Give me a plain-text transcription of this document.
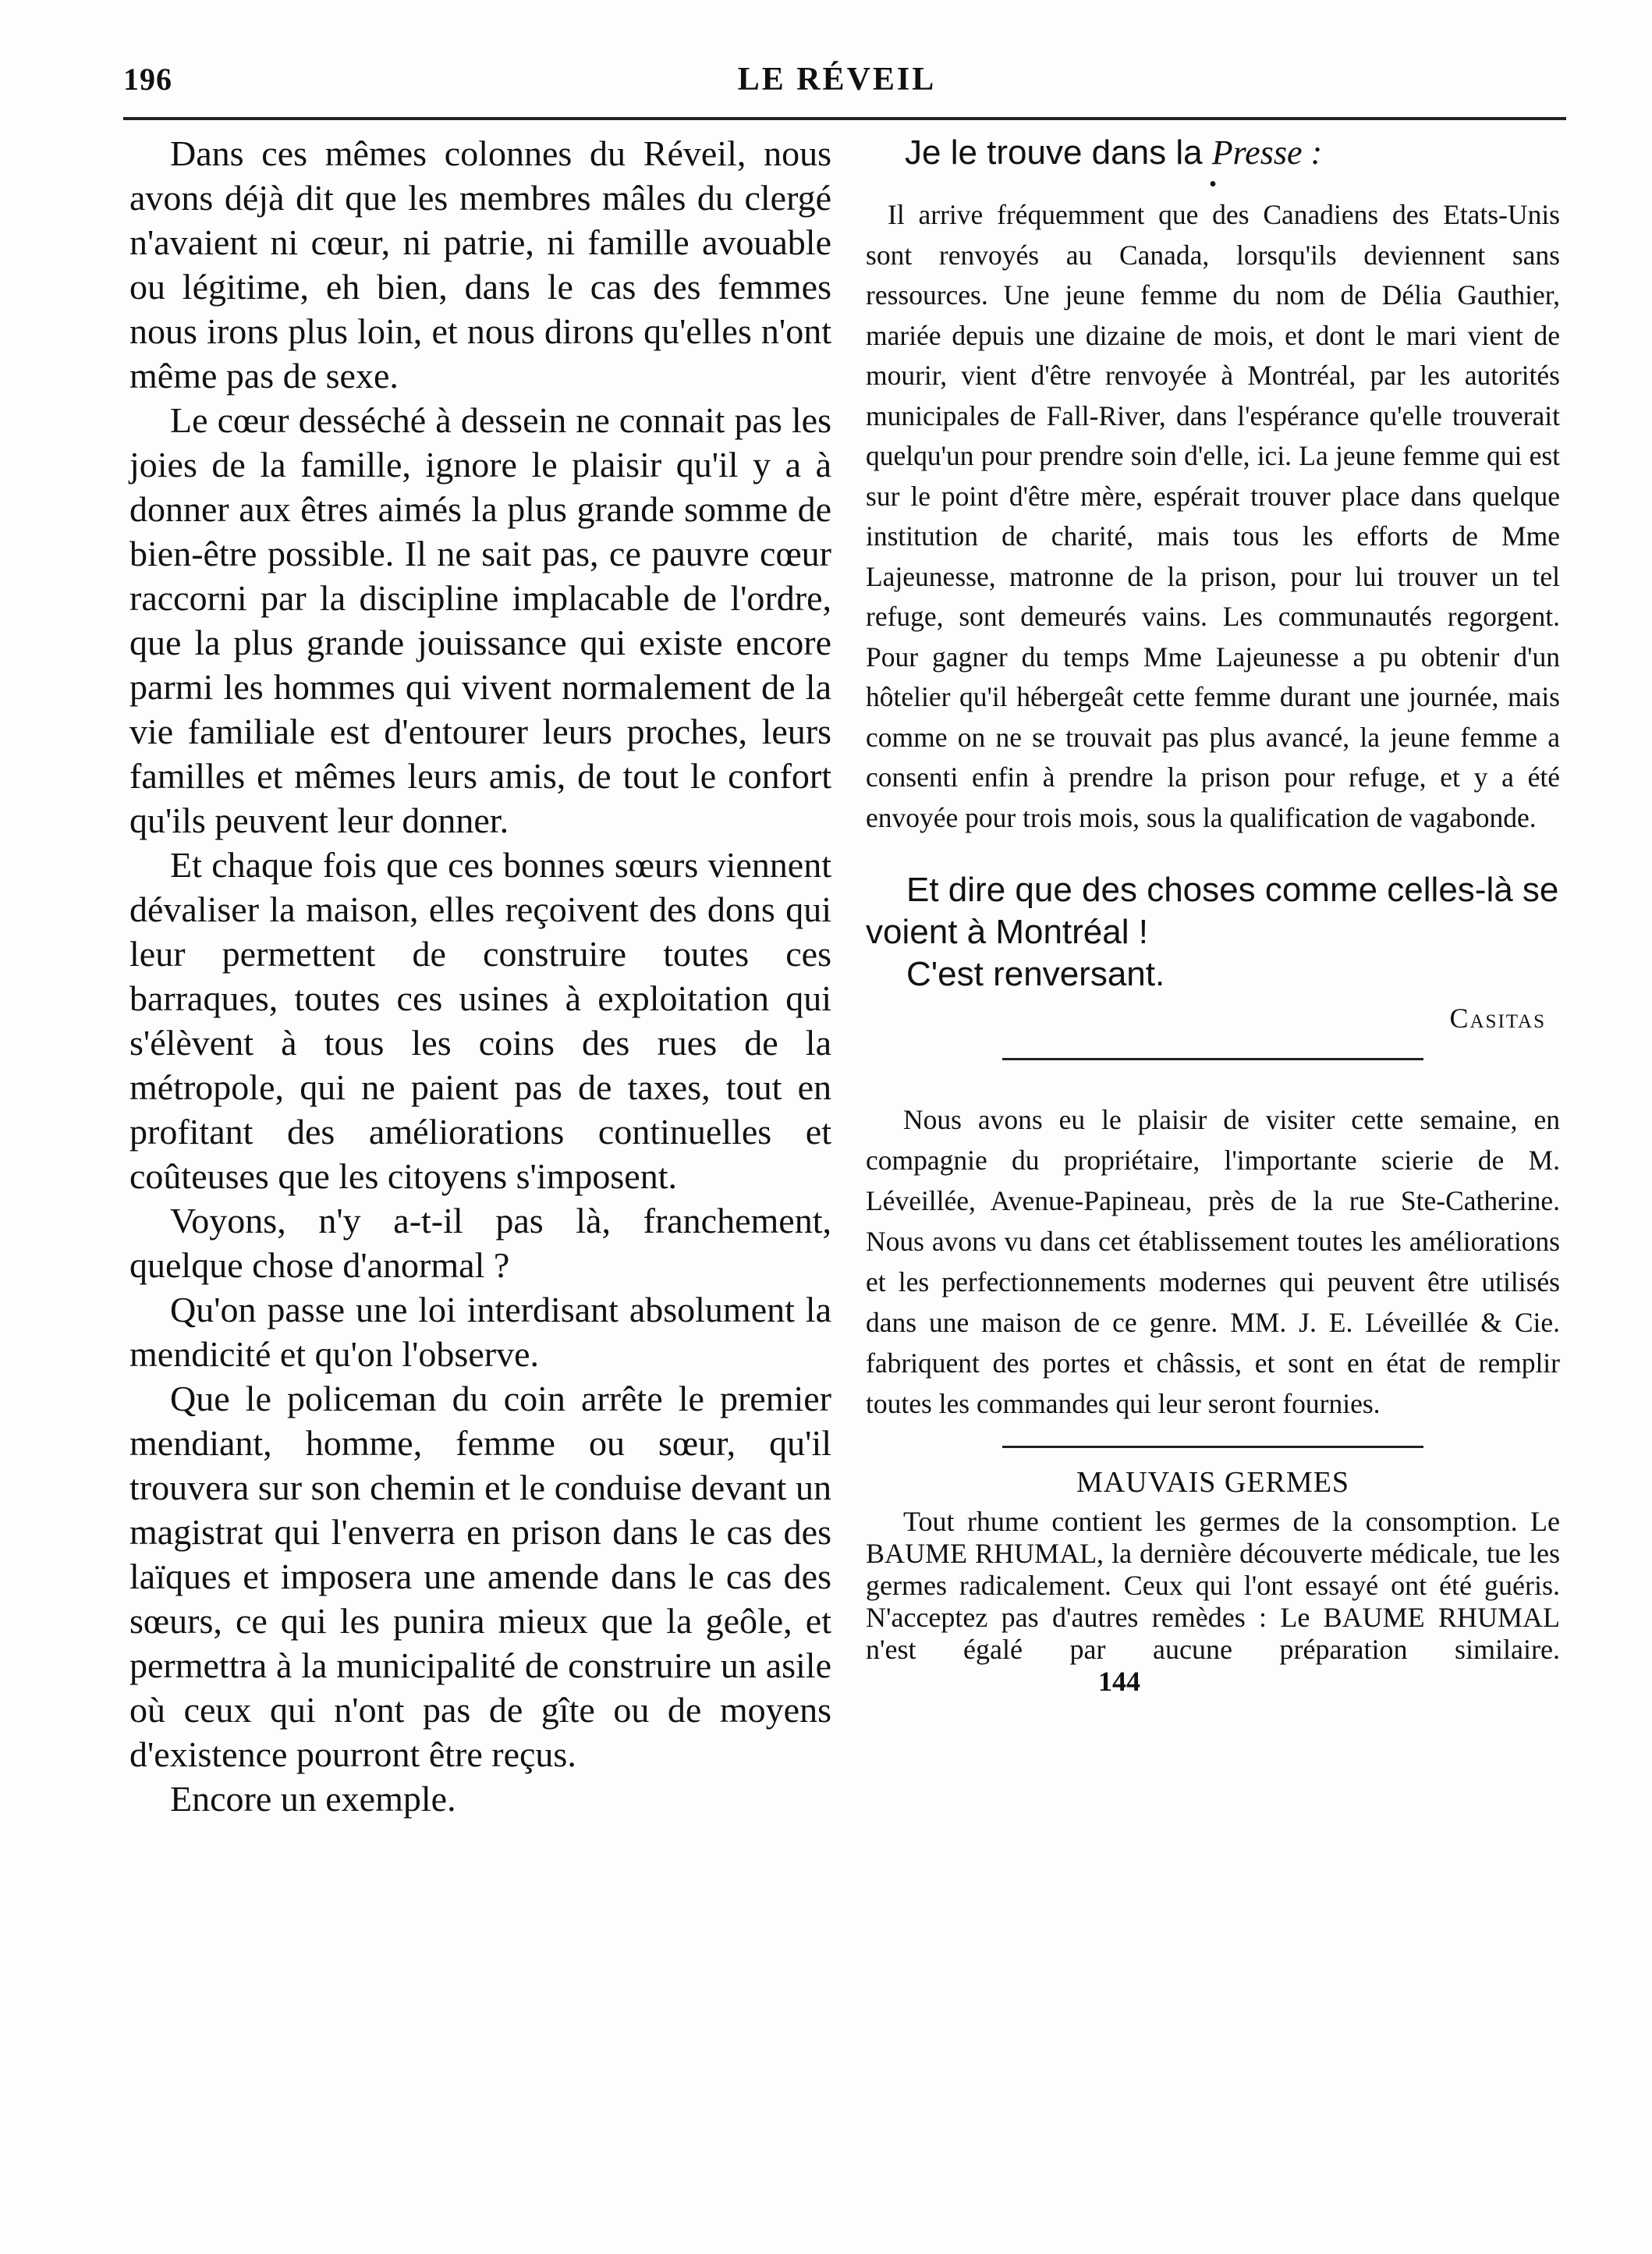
196	LE RÉVEIL

Dans ces mêmes colonnes du Réveil, nous avons déjà dit que les membres mâles du clergé n'avaient ni cœur, ni patrie, ni famille avouable ou légitime, eh bien, dans le cas des femmes nous irons plus loin, et nous dirons qu'elles n'ont même pas de sexe.

Le cœur desséché à dessein ne connait pas les joies de la famille, ignore le plaisir qu'il y a à donner aux êtres aimés la plus grande somme de bien-être possible. Il ne sait pas, ce pauvre cœur raccorni par la discipline implacable de l'ordre, que la plus grande jouissance qui existe encore parmi les hommes qui vivent normalement de la vie familiale est d'entourer leurs proches, leurs familles et mêmes leurs amis, de tout le confort qu'ils peuvent leur donner.

Et chaque fois que ces bonnes sœurs viennent dévaliser la maison, elles reçoivent des dons qui leur permettent de construire toutes ces barraques, toutes ces usines à exploitation qui s'élèvent à tous les coins des rues de la métropole, qui ne paient pas de taxes, tout en profitant des améliorations continuelles et coûteuses que les citoyens s'imposent.

Voyons, n'y a-t-il pas là, franchement, quelque chose d'anormal ?

Qu'on passe une loi interdisant absolument la mendicité et qu'on l'observe.

Que le policeman du coin arrête le premier mendiant, homme, femme ou sœur, qu'il trouvera sur son chemin et le conduise devant un magistrat qui l'enverra en prison dans le cas des laïques et imposera une amende dans le cas des sœurs, ce qui les punira mieux que la geôle, et permettra à la municipalité de construire un asile où ceux qui n'ont pas de gîte ou de moyens d'existence pourront être reçus.

Encore un exemple.

Je le trouve dans la Presse :

•

Il arrive fréquemment que des Canadiens des Etats-Unis sont renvoyés au Canada, lorsqu'ils deviennent sans ressources. Une jeune femme du nom de Délia Gauthier, mariée depuis une dizaine de mois, et dont le mari vient de mourir, vient d'être renvoyée à Montréal, par les autorités municipales de Fall-River, dans l'espérance qu'elle trouverait quelqu'un pour prendre soin d'elle, ici. La jeune femme qui est sur le point d'être mère, espérait trouver place dans quelque institution de charité, mais tous les efforts de Mme Lajeunesse, matronne de la prison, pour lui trouver un tel refuge, sont demeurés vains. Les communautés regorgent. Pour gagner du temps Mme Lajeunesse a pu obtenir d'un hôtelier qu'il hébergeât cette femme durant une journée, mais comme on ne se trouvait pas plus avancé, la jeune femme a consenti enfin à prendre la prison pour refuge, et y a été envoyée pour trois mois, sous la qualification de vagabonde.

Et dire que des choses comme celles-là se voient à Montréal !

C'est renversant.

Casitas

Nous avons eu le plaisir de visiter cette semaine, en compagnie du propriétaire, l'importante scierie de M. Léveillée, Avenue-Papineau, près de la rue Ste-Catherine. Nous avons vu dans cet établissement toutes les améliorations et les perfectionnements modernes qui peuvent être utilisés dans une maison de ce genre. MM. J. E. Léveillée & Cie. fabriquent des portes et châssis, et sont en état de remplir toutes les commandes qui leur seront fournies.

MAUVAIS GERMES

Tout rhume contient les germes de la consomption. Le BAUME RHUMAL, la dernière découverte médicale, tue les germes radicalement. Ceux qui l'ont essayé ont été guéris. N'acceptez pas d'autres remèdes : Le BAUME RHUMAL n'est égalé par aucune préparation similaire.144
